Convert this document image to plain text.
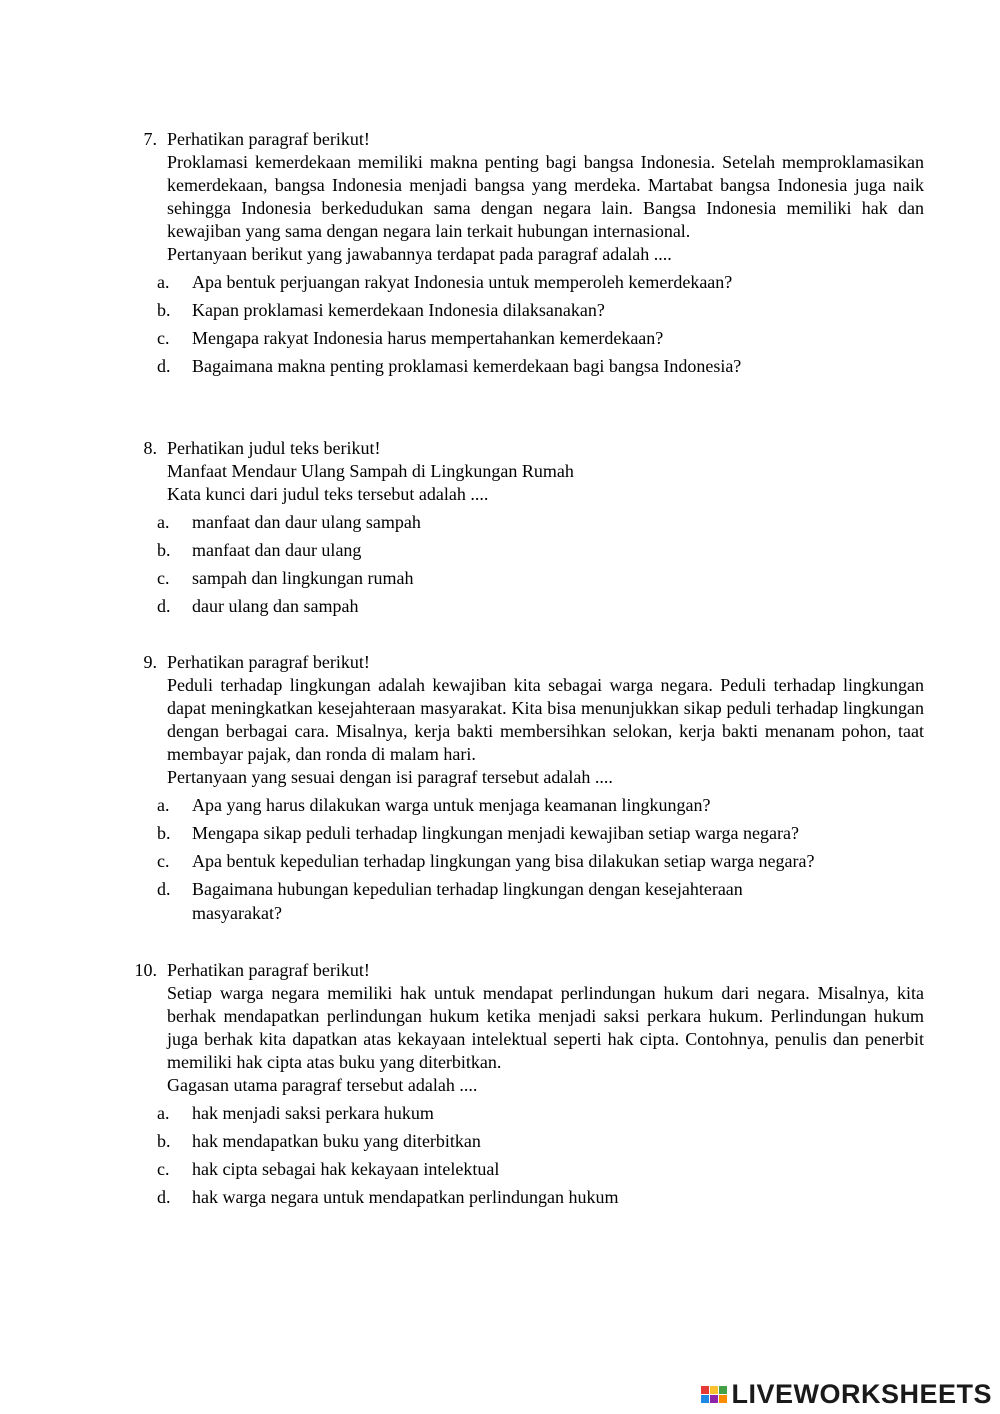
7. Perhatikan paragraf berikut!
Proklamasi kemerdekaan memiliki makna penting bagi bangsa Indonesia. Setelah memproklamasikan kemerdekaan, bangsa Indonesia menjadi bangsa yang merdeka. Martabat bangsa Indonesia juga naik sehingga Indonesia berkedudukan sama dengan negara lain. Bangsa Indonesia memiliki hak dan kewajiban yang sama dengan negara lain terkait hubungan internasional.
Pertanyaan berikut yang jawabannya terdapat pada paragraf adalah ....
a.	Apa bentuk perjuangan rakyat Indonesia untuk memperoleh kemerdekaan?
b.	Kapan proklamasi kemerdekaan Indonesia dilaksanakan?
c.	Mengapa rakyat Indonesia harus mempertahankan kemerdekaan?
d.	Bagaimana makna penting proklamasi kemerdekaan bagi bangsa Indonesia?
8. Perhatikan judul teks berikut!
Manfaat Mendaur Ulang Sampah di Lingkungan Rumah
Kata kunci dari judul teks tersebut adalah ....
a.	manfaat dan daur ulang sampah
b.	manfaat dan daur ulang
c.	sampah dan lingkungan rumah
d.	daur ulang dan sampah
9. Perhatikan paragraf berikut!
Peduli terhadap lingkungan adalah kewajiban kita sebagai warga negara. Peduli terhadap lingkungan dapat meningkatkan kesejahteraan masyarakat. Kita bisa menunjukkan sikap peduli terhadap lingkungan dengan berbagai cara. Misalnya, kerja bakti membersihkan selokan, kerja bakti menanam pohon, taat membayar pajak, dan ronda di malam hari.
Pertanyaan yang sesuai dengan isi paragraf tersebut adalah ....
a.	Apa yang harus dilakukan warga untuk menjaga keamanan lingkungan?
b.	Mengapa sikap peduli terhadap lingkungan menjadi kewajiban setiap warga negara?
c.	Apa bentuk kepedulian terhadap lingkungan yang bisa dilakukan setiap warga negara?
d.	Bagaimana hubungan kepedulian terhadap lingkungan dengan kesejahteraan masyarakat?
10. Perhatikan paragraf berikut!
Setiap warga negara memiliki hak untuk mendapat perlindungan hukum dari negara. Misalnya, kita berhak mendapatkan perlindungan hukum ketika menjadi saksi perkara hukum. Perlindungan hukum juga berhak kita dapatkan atas kekayaan intelektual seperti hak cipta. Contohnya, penulis dan penerbit memiliki hak cipta atas buku yang diterbitkan.
Gagasan utama paragraf tersebut adalah ....
a.	hak menjadi saksi perkara hukum
b.	hak mendapatkan buku yang diterbitkan
c.	hak cipta sebagai hak kekayaan intelektual
d.	hak warga negara untuk mendapatkan perlindungan hukum
LIVEWORKSHEETS
